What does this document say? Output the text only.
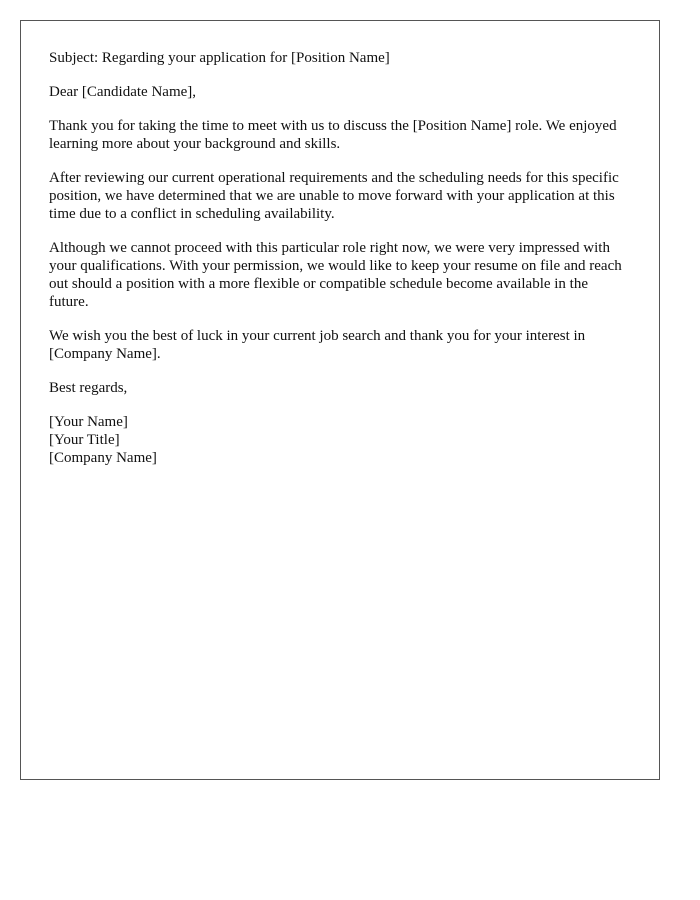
Subject: Regarding your application for [Position Name]

Dear [Candidate Name],

Thank you for taking the time to meet with us to discuss the [Position Name] role. We enjoyed learning more about your background and skills.

After reviewing our current operational requirements and the scheduling needs for this specific position, we have determined that we are unable to move forward with your application at this time due to a conflict in scheduling availability.

Although we cannot proceed with this particular role right now, we were very impressed with your qualifications. With your permission, we would like to keep your resume on file and reach out should a position with a more flexible or compatible schedule become available in the future.

We wish you the best of luck in your current job search and thank you for your interest in [Company Name].

Best regards,

[Your Name]
[Your Title]
[Company Name]
